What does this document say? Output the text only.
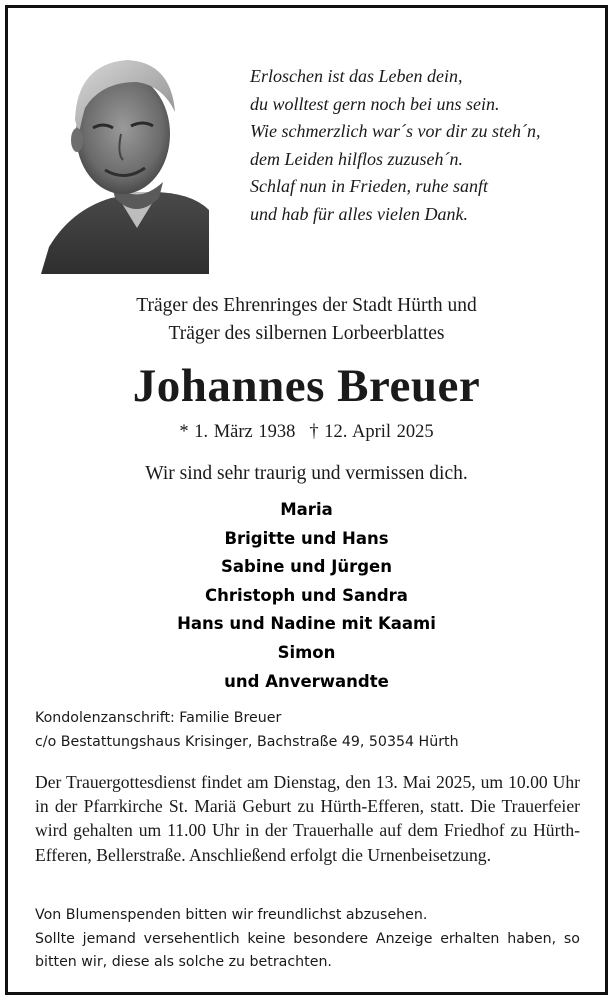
Erloschen ist das Leben dein,
du wolltest gern noch bei uns sein.
Wie schmerzlich war´s vor dir zu steh´n,
dem Leiden hilflos zuzuseh´n.
Schlaf nun in Frieden, ruhe sanft
und hab für alles vielen Dank.
Träger des Ehrenringes der Stadt Hürth und
Träger des silbernen Lorbeerblattes
Johannes Breuer
* 1. März 1938 † 12. April 2025
Wir sind sehr traurig und vermissen dich.
Maria
Brigitte und Hans
Sabine und Jürgen
Christoph und Sandra
Hans und Nadine mit Kaami
Simon
und Anverwandte
Kondolenzanschrift: Familie Breuer
c/o Bestattungshaus Krisinger, Bachstraße 49, 50354 Hürth
Der Trauergottesdienst findet am Dienstag, den 13. Mai 2025, um 10.00 Uhr in der Pfarrkirche St. Mariä Geburt zu Hürth-Efferen, statt. Die Trauerfeier wird gehalten um 11.00 Uhr in der Trauerhalle auf dem Friedhof zu Hürth-Efferen, Bellerstraße. Anschließend erfolgt die Urnenbeisetzung.
Von Blumenspenden bitten wir freundlichst abzusehen.
Sollte jemand versehentlich keine besondere Anzeige erhalten haben, so bitten wir, diese als solche zu betrachten.
